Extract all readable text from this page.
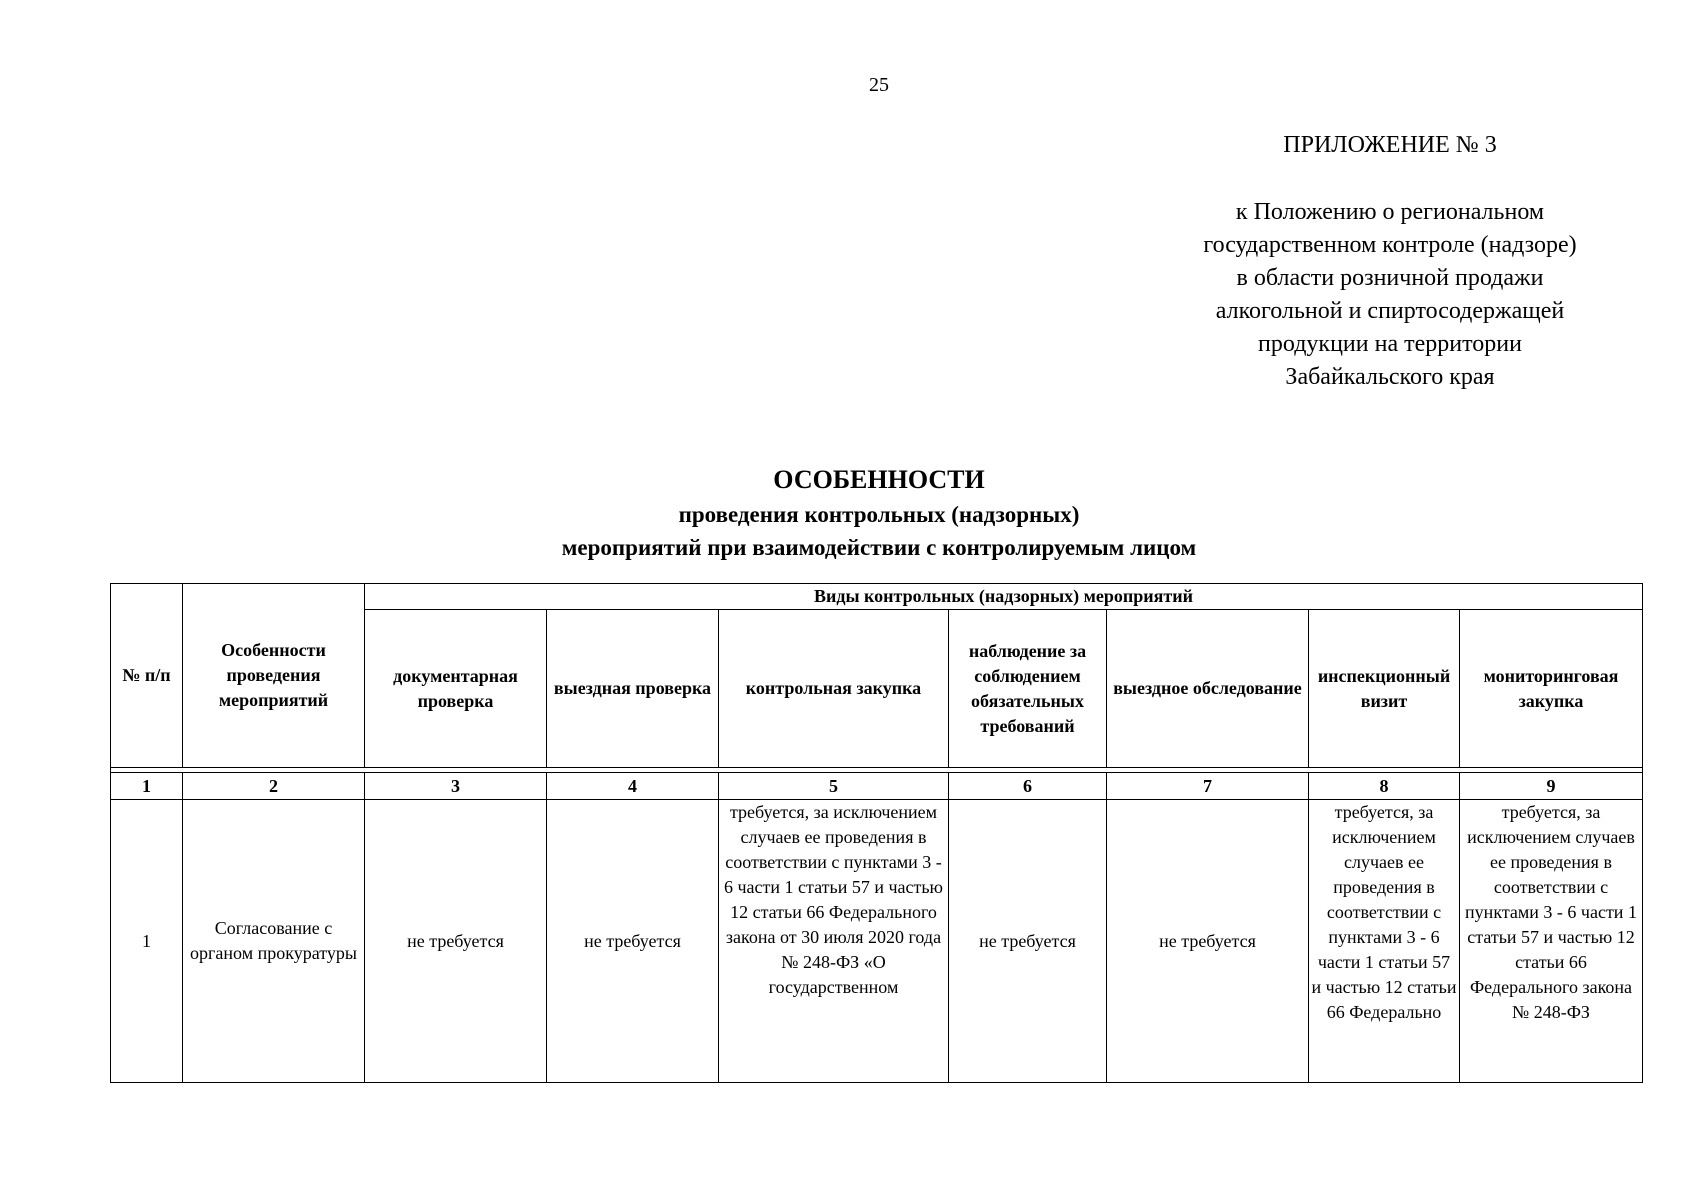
25
ПРИЛОЖЕНИЕ № 3
к Положению о региональном
государственном контроле (надзоре)
в области розничной продажи
алкогольной и спиртосодержащей
продукции на территории
Забайкальского края
ОСОБЕННОСТИ
проведения контрольных (надзорных)
мероприятий при взаимодействии с контролируемым лицом
№ п/п	Особенности проведения мероприятий	Виды контрольных (надзорных) мероприятий						
		документарная проверка	выездная проверка	контрольная закупка	наблюдение за соблюдением обязательных требований	выездное обследование	инспекционный визит	мониторинговая закупка

1	2	3	4	5	6	7	8	9
1	Согласование с органом прокуратуры	не требуется	не требуется	требуется, за исключением случаев ее проведения в соответствии с пунктами 3 - 6 части 1 статьи 57 и частью 12 статьи 66 Федерального закона от 30 июля 2020 года № 248-ФЗ «О государственном	не требуется	не требуется	требуется, за исключением случаев ее проведения в соответствии с пунктами 3 - 6 части 1 статьи 57 и частью 12 статьи 66 Федерально	требуется, за исключением случаев ее проведения в соответствии с пунктами 3 - 6 части 1 статьи 57 и частью 12 статьи 66 Федерального закона № 248-ФЗ
